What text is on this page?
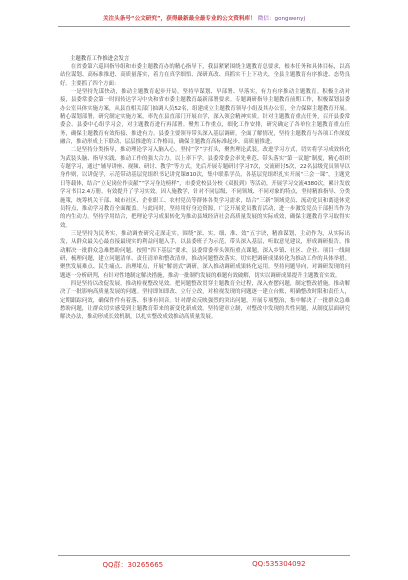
关注头条号“公文研究”，获得最新最全最专业的公文资料库！ 微信：gongwenyj
主题教育工作推进会发言

在省委第六巡回指导组和市委主题教育办的精心指导下，我县紧紧围绕主题教育总要求，根本任务和具体目标，以高站位谋划、高标准推进、高质量落实，着力在真学细悟、深研真改、真抓实干上下功夫，全县主题教育有序推进、态势良好。主要抓了四个方面：

一是坚持先谋快动，推动主题教育起步开局。坚持早谋划、早部署、早落实，有力有序推动主题教育。积极主动对接，县委常委会第一时间传达学习中央和省市委主题教育最新部署要求。专题调研指导主题教育前期工作，积极谋划县委办公室具体实施方案，从县直相关部门抽调人员52名，组建成立主题教育领导小组及其办公室，全力保障主题教育开展。精心谋划部署，研究制定实施方案，率先在县直部门开展自学，深入领会精神实质。针对主题教育重点任务，召开县委常委会、县委中心组学习会，对主题教育进行再部署。聚焦工作重点，细化工作安排，研究确定了各单位主题教育重点任务，确保主题教育有效衔接、推进有力。县委主要领导带头深入基层调研，全面了解情况，坚持主题教育与各项工作深度融合，推动形成上下联动、层层推进的工作格局，确保主题教育高标准起步、高质量推进。

二是坚持分类指导，推动理论学习入脑入心。坚持“学”字打头，聚焦理论武装，改进学习方式，切实将学习成效转化为武装头脑、指导实践、推动工作的强大合力。以上率下学，县委常委会率先垂范、带头落实“第一议题”制度，精心组织专题学习，通过“辅导讲座、视频、研讨、教学”等方式，先后开展专题研讨学习7次，交流研讨5次，22名县级党员领导以身作则，以讲促学，示范带动基层党组织书记讲党课810次，集中联系学员，各基层党组织扎实开展“三会一课”，主题党日等载体，结合“立足岗位作贡献”“学习身边榜样”，市委党校县分校《双报到》等活动，开展学习交流4380次，累计发放学习书目2.4万册，有效提升了学习实效。因人施教学，针对不同层级、不同领域、不同对象的特点，坚持精准指导、分类施策，统筹机关干部、城市社区、企业职工、农村党员等群体各类学习需求，结合“三新”领域党员、流动党员和离退休党员特点，推动学习教育全面覆盖。与此同时，坚持用好身边资源，广泛开展党员教育活动，进一步激发党员干部担当作为的内生动力。坚持学用结合，把理论学习成果转化为推动县域经济社会高质量发展的实际成效，确保主题教育学习取得实效。

三是坚持为民务实，推动调查研究走深走实。围绕“深、实、细、准、效”五字诀，精准谋划，主动作为，从实际出发，从群众最关心最直接最现实的利益问题入手，以县委班子为示范，带头深入基层，听取意见建议，形成调研报告，推动解决一批群众急难愁盼问题。按照“四下基层”要求，县委常委牵头领衔重点课题，深入乡镇、社区、企业、项目一线调研，梳理问题，建立问题清单、责任清单和整改清单，推动问题整改落实，切实把调研成果转化为推动工作的具体举措。聚焦发展难点、民生痛点、治理堵点，开展“解剖式”调研，深入推动调研成果转化运用。坚持问题导向，对调研发现的问题逐一分析研判，有针对性地制定解决措施，推动一批制约发展的难题有效破解，切实以调研成果提升主题教育实效。

四是坚持以改促发展，推动检视整改见效。把问题整改贯穿主题教育全过程，深入查摆问题，制定整改措施，推动解决了一批影响高质量发展的问题。坚持即知即改、立行立改，对检视发现的问题逐一建立台账，明确整改时限和责任人，定期跟踪问效，确保件件有着落、事事有回音。针对群众反映强烈的突出问题，开展专项整治，集中解决了一批群众急难愁盼问题，让群众切实感受到主题教育带来的新变化新成效。坚持建章立制，对整改中发现的共性问题，从制度层面研究解决办法，推动形成长效机制，以扎实整改成效推动高质量发展。

QQ群：30265665	QQ:535304092
